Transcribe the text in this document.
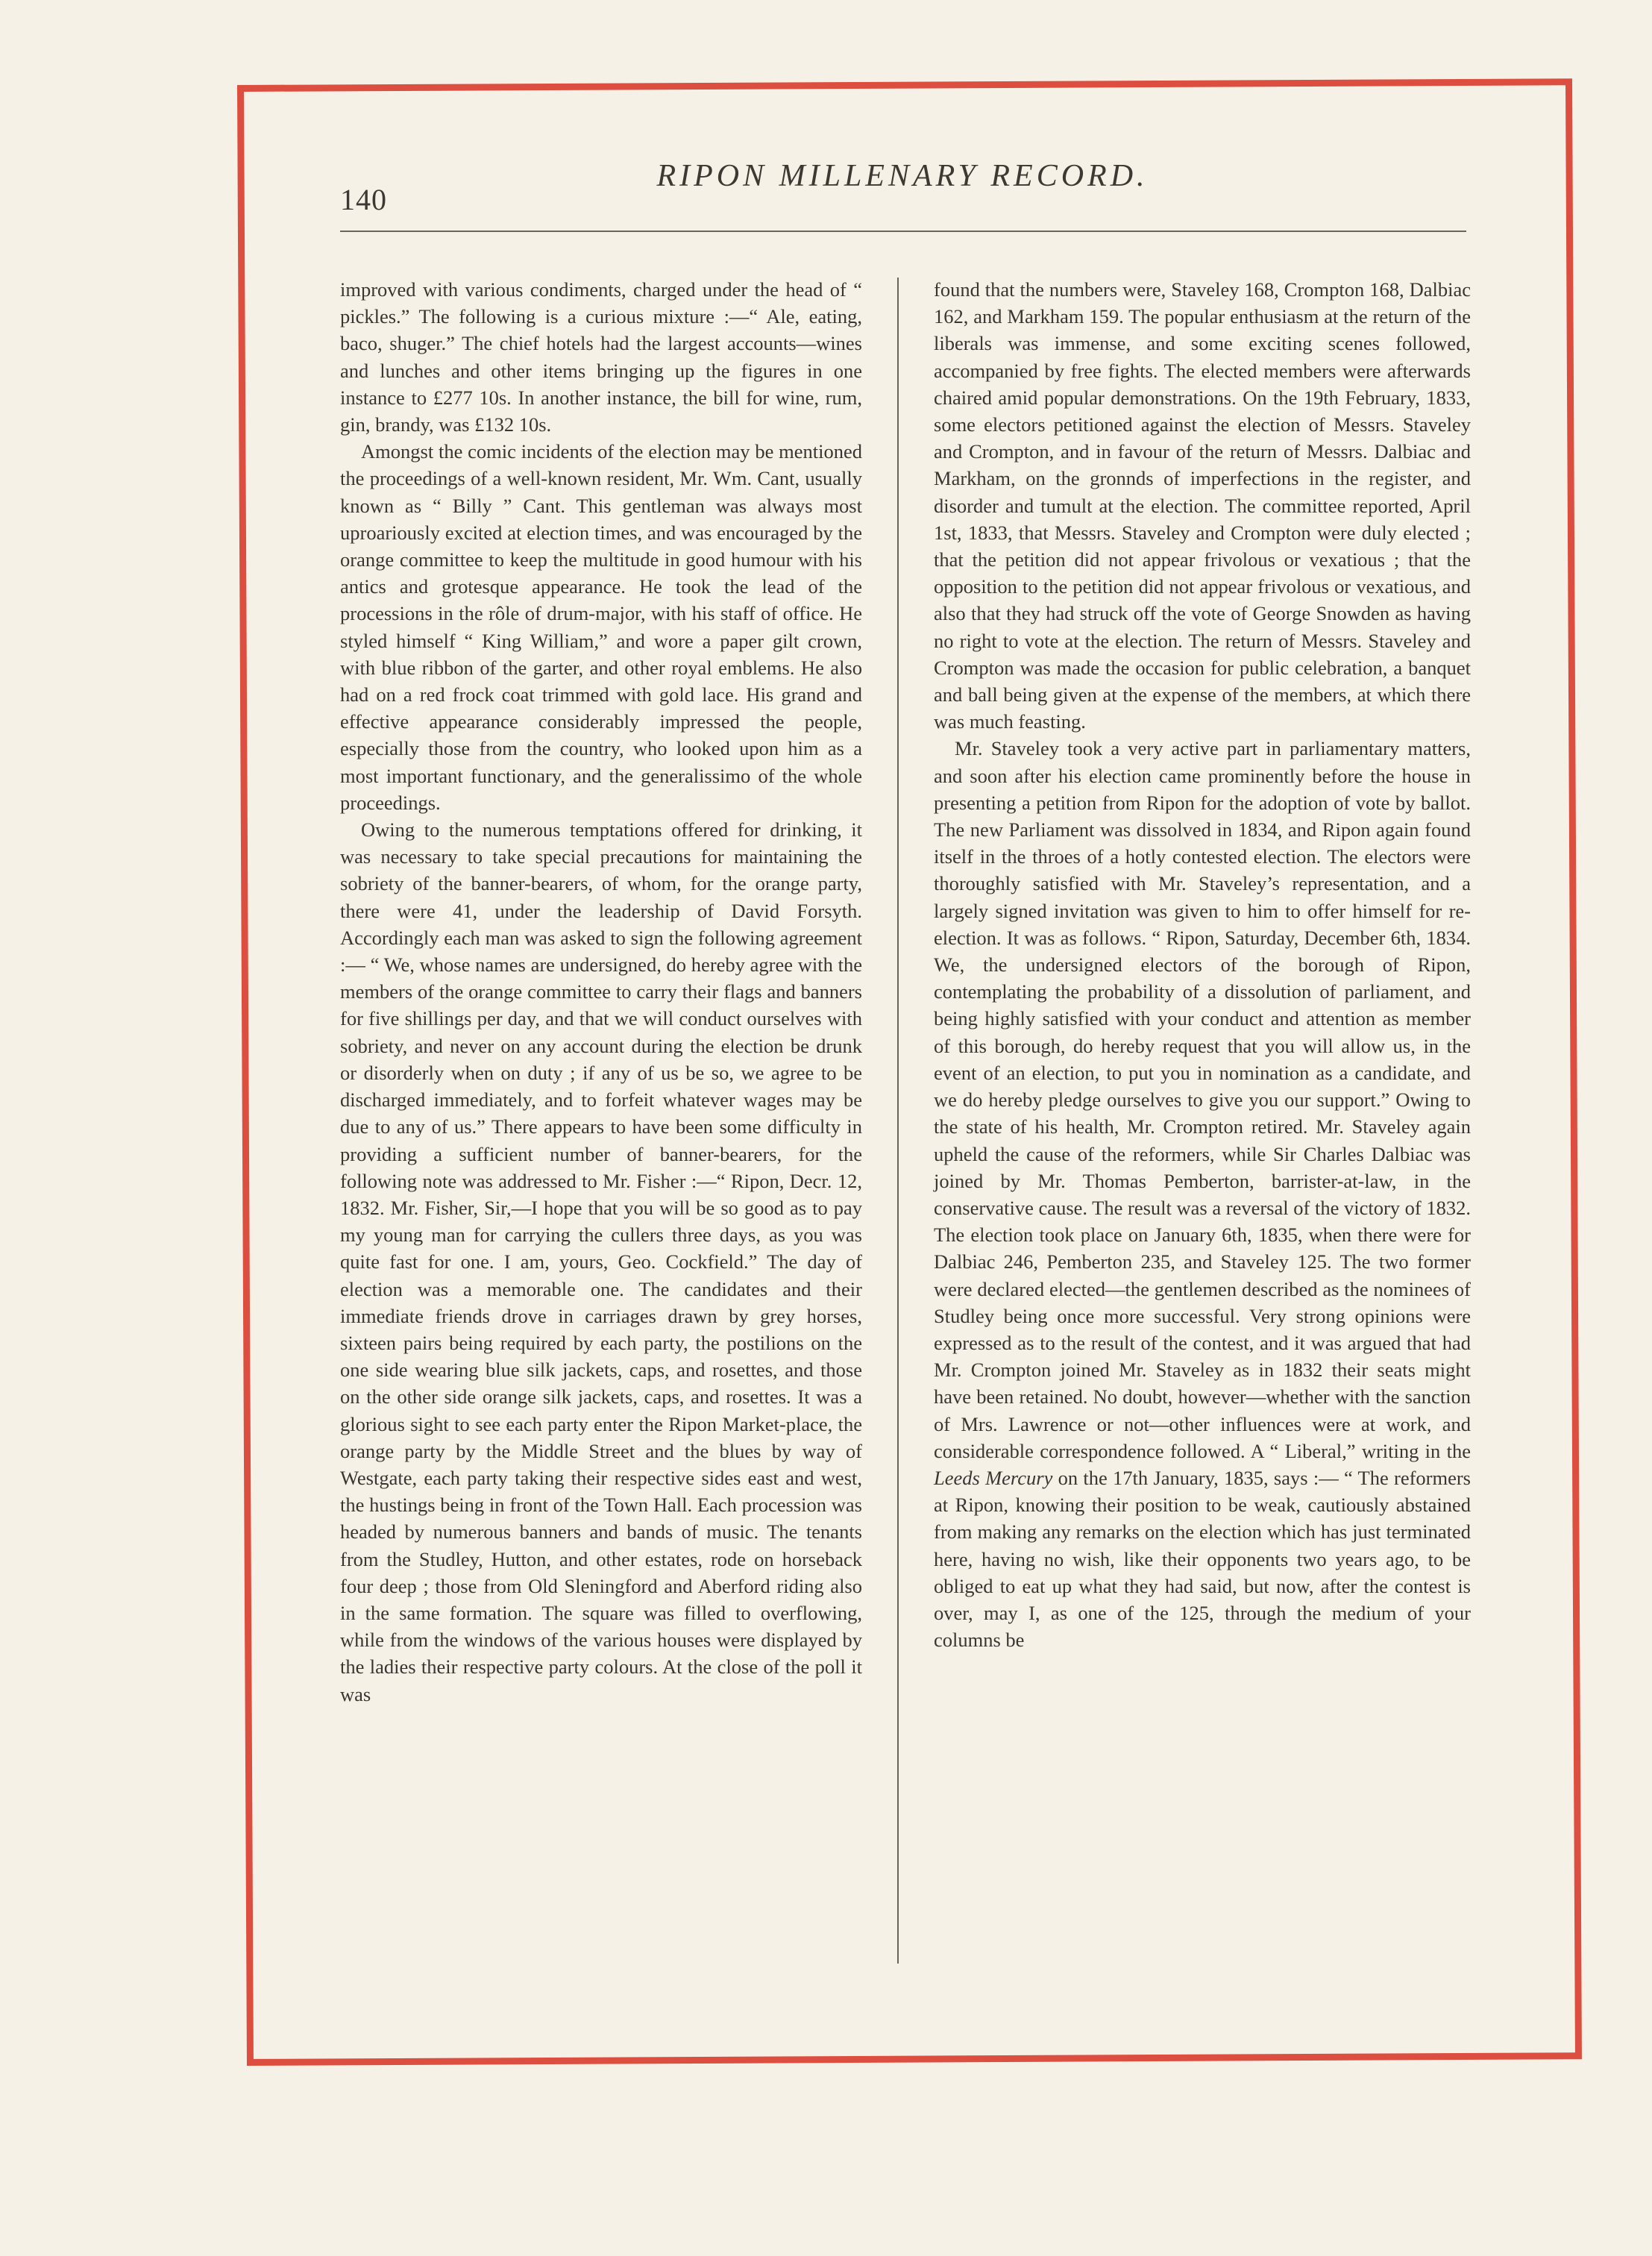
140
RIPON MILLENARY RECORD.

improved with various condiments, charged under the head of “ pickles.” The following is a curious mixture :—“ Ale, eating, baco, shuger.” The chief hotels had the largest accounts—wines and lunches and other items bringing up the figures in one instance to £277 10s. In another instance, the bill for wine, rum, gin, brandy, was £132 10s.

Amongst the comic incidents of the election may be mentioned the proceedings of a well-known resident, Mr. Wm. Cant, usually known as “ Billy ” Cant. This gentleman was always most uproariously excited at election times, and was encouraged by the orange committee to keep the multitude in good humour with his antics and grotesque appearance. He took the lead of the processions in the rôle of drum-major, with his staff of office. He styled himself “ King William,” and wore a paper gilt crown, with blue ribbon of the garter, and other royal emblems. He also had on a red frock coat trimmed with gold lace. His grand and effective appearance considerably impressed the people, especially those from the country, who looked upon him as a most important functionary, and the generalissimo of the whole proceedings.

Owing to the numerous temptations offered for drinking, it was necessary to take special precautions for maintaining the sobriety of the banner-bearers, of whom, for the orange party, there were 41, under the leadership of David Forsyth. Accordingly each man was asked to sign the following agreement :— “ We, whose names are undersigned, do hereby agree with the members of the orange committee to carry their flags and banners for five shillings per day, and that we will conduct ourselves with sobriety, and never on any account during the election be drunk or disorderly when on duty ; if any of us be so, we agree to be discharged immediately, and to forfeit whatever wages may be due to any of us.” There appears to have been some difficulty in providing a sufficient number of banner-bearers, for the following note was addressed to Mr. Fisher :—“ Ripon, Decr. 12, 1832. Mr. Fisher, Sir,—I hope that you will be so good as to pay my young man for carrying the cullers three days, as you was quite fast for one. I am, yours, Geo. Cockfield.” The day of election was a memorable one. The candidates and their immediate friends drove in carriages drawn by grey horses, sixteen pairs being required by each party, the postilions on the one side wearing blue silk jackets, caps, and rosettes, and those on the other side orange silk jackets, caps, and rosettes. It was a glorious sight to see each party enter the Ripon Market-place, the orange party by the Middle Street and the blues by way of Westgate, each party taking their respective sides east and west, the hustings being in front of the Town Hall. Each procession was headed by numerous banners and bands of music. The tenants from the Studley, Hutton, and other estates, rode on horseback four deep ; those from Old Sleningford and Aberford riding also in the same formation. The square was filled to overflowing, while from the windows of the various houses were displayed by the ladies their respective party colours. At the close of the poll it was

found that the numbers were, Staveley 168, Crompton 168, Dalbiac 162, and Markham 159. The popular enthusiasm at the return of the liberals was immense, and some exciting scenes followed, accompanied by free fights. The elected members were afterwards chaired amid popular demonstrations. On the 19th February, 1833, some electors petitioned against the election of Messrs. Staveley and Crompton, and in favour of the return of Messrs. Dalbiac and Markham, on the gronnds of imperfections in the register, and disorder and tumult at the election. The committee reported, April 1st, 1833, that Messrs. Staveley and Crompton were duly elected ; that the petition did not appear frivolous or vexatious ; that the opposition to the petition did not appear frivolous or vexatious, and also that they had struck off the vote of George Snowden as having no right to vote at the election. The return of Messrs. Staveley and Crompton was made the occasion for public celebration, a banquet and ball being given at the expense of the members, at which there was much feasting.

Mr. Staveley took a very active part in parliamentary matters, and soon after his election came prominently before the house in presenting a petition from Ripon for the adoption of vote by ballot. The new Parliament was dissolved in 1834, and Ripon again found itself in the throes of a hotly contested election. The electors were thoroughly satisfied with Mr. Staveley’s representation, and a largely signed invitation was given to him to offer himself for re-election. It was as follows. “ Ripon, Saturday, December 6th, 1834. We, the undersigned electors of the borough of Ripon, contemplating the probability of a dissolution of parliament, and being highly satisfied with your conduct and attention as member of this borough, do hereby request that you will allow us, in the event of an election, to put you in nomination as a candidate, and we do hereby pledge ourselves to give you our support.” Owing to the state of his health, Mr. Crompton retired. Mr. Staveley again upheld the cause of the reformers, while Sir Charles Dalbiac was joined by Mr. Thomas Pemberton, barrister-at-law, in the conservative cause. The result was a reversal of the victory of 1832. The election took place on January 6th, 1835, when there were for Dalbiac 246, Pemberton 235, and Staveley 125. The two former were declared elected—the gentlemen described as the nominees of Studley being once more successful. Very strong opinions were expressed as to the result of the contest, and it was argued that had Mr. Crompton joined Mr. Staveley as in 1832 their seats might have been retained. No doubt, however—whether with the sanction of Mrs. Lawrence or not—other influences were at work, and considerable correspondence followed. A “ Liberal,” writing in the Leeds Mercury on the 17th January, 1835, says :— “ The reformers at Ripon, knowing their position to be weak, cautiously abstained from making any remarks on the election which has just terminated here, having no wish, like their opponents two years ago, to be obliged to eat up what they had said, but now, after the contest is over, may I, as one of the 125, through the medium of your columns be
